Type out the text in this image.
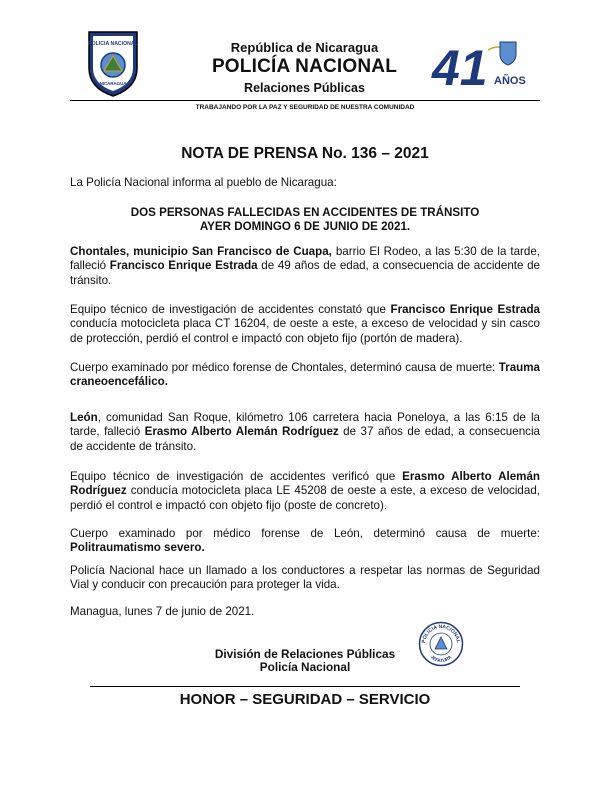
POLICIA NACIONAL
NICARAGUA
República de Nicaragua
POLICÍA NACIONAL
Relaciones Públicas	41 AÑOS
TRABAJANDO POR LA PAZ Y SEGURIDAD DE NUESTRA COMUNIDAD
NOTA DE PRENSA No. 136 – 2021
La Policía Nacional informa al pueblo de Nicaragua:
DOS PERSONAS FALLECIDAS EN ACCIDENTES DE TRÁNSITO
AYER DOMINGO 6 DE JUNIO DE 2021.
Chontales, municipio San Francisco de Cuapa, barrio El Rodeo, a las 5:30 de la tarde, falleció Francisco Enrique Estrada de 49 años de edad, a consecuencia de accidente de tránsito.
Equipo técnico de investigación de accidentes constató que Francisco Enrique Estrada conducía motocicleta placa CT 16204, de oeste a este, a exceso de velocidad y sin casco de protección, perdió el control e impactó con objeto fijo (portón de madera).
Cuerpo examinado por médico forense de Chontales, determinó causa de muerte: Trauma craneoencefálico.
León, comunidad San Roque, kilómetro 106 carretera hacia Poneloya, a las 6:15 de la tarde, falleció Erasmo Alberto Alemán Rodríguez de 37 años de edad, a consecuencia de accidente de tránsito.
Equipo técnico de investigación de accidentes verificó que Erasmo Alberto Alemán Rodríguez conducía motocicleta placa LE 45208 de oeste a este, a exceso de velocidad, perdió el control e impactó con objeto fijo (poste de concreto).
Cuerpo examinado por médico forense de León, determinó causa de muerte: Politraumatismo severo.
Policía Nacional hace un llamado a los conductores a respetar las normas de Seguridad Vial y conducir con precaución para proteger la vida.
Managua, lunes 7 de junio de 2021.
División de Relaciones Públicas
Policía Nacional
POLICIA NACIONAL
JEFATURA
HONOR – SEGURIDAD – SERVICIO
